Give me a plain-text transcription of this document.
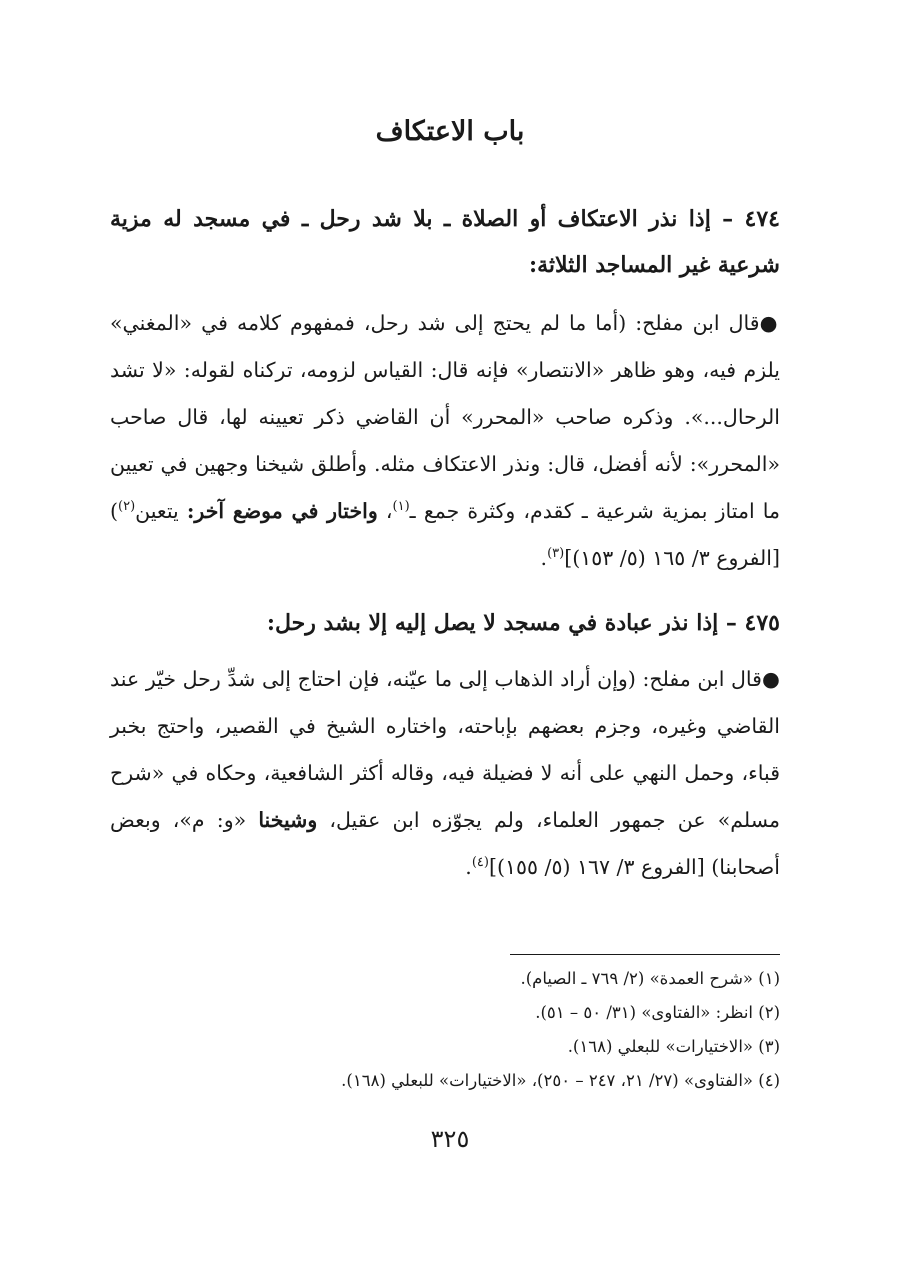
باب الاعتكاف
٤٧٤ – إذا نذر الاعتكاف أو الصلاة ـ بلا شد رحل ـ في مسجد له مزية شرعية غير المساجد الثلاثة:
●قال ابن مفلح: (أما ما لم يحتج إلى شد رحل، فمفهوم كلامه في «المغني» يلزم فيه، وهو ظاهر «الانتصار» فإنه قال: القياس لزومه، تركناه لقوله: «لا تشد الرحال...». وذكره صاحب «المحرر» أن القاضي ذكر تعيينه لها، قال صاحب «المحرر»: لأنه أفضل، قال: ونذر الاعتكاف مثله. وأطلق شيخنا وجهين في تعيين ما امتاز بمزية شرعية ـ كقدم، وكثرة جمع ـ$^{(١)}$، واختار في موضع آخر: يتعين$^{(٢)}$) [الفروع ٣/ ١٦٥ (٥/ ١٥٣)]$^{(٣)}$.
٤٧٥ – إذا نذر عبادة في مسجد لا يصل إليه إلا بشد رحل:
●قال ابن مفلح: (وإن أراد الذهاب إلى ما عيّنه، فإن احتاج إلى شدِّ رحل خيّر عند القاضي وغيره، وجزم بعضهم بإباحته، واختاره الشيخ في القصير، واحتج بخبر قباء، وحمل النهي على أنه لا فضيلة فيه، وقاله أكثر الشافعية، وحكاه في «شرح مسلم» عن جمهور العلماء، ولم يجوّزه ابن عقيل، وشيخنا «و: م»، وبعض أصحابنا) [الفروع ٣/ ١٦٧ (٥/ ١٥٥)]$^{(٤)}$.
(١) «شرح العمدة» (٢/ ٧٦٩ ـ الصيام).
(٢) انظر: «الفتاوى» (٣١/ ٥٠ – ٥١).
(٣) «الاختيارات» للبعلي (١٦٨).
(٤) «الفتاوى» (٢٧/ ٢١، ٢٤٧ – ٢٥٠)، «الاختيارات» للبعلي (١٦٨).
٣٢٥
